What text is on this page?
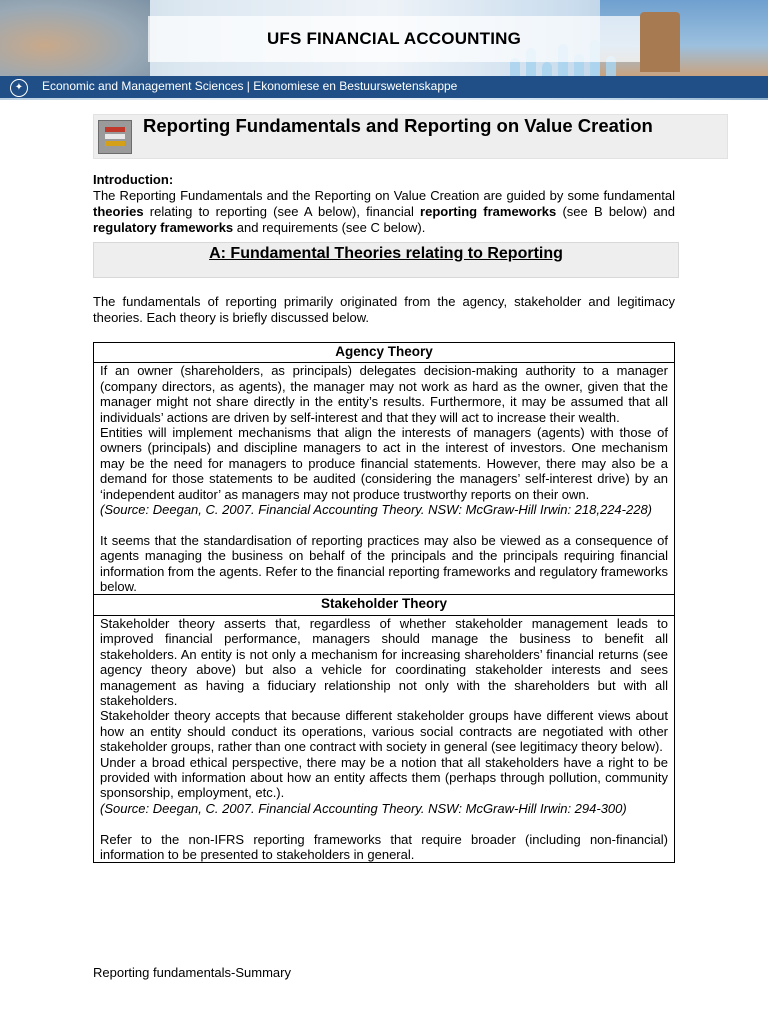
UFS FINANCIAL ACCOUNTING
✦	Economic and Management Sciences | Ekonomiese en Bestuurswetenskappe
Reporting Fundamentals and Reporting on Value Creation

Introduction:

The Reporting Fundamentals and the Reporting on Value Creation are guided by some fundamental theories relating to reporting (see A below), financial reporting frameworks (see B below) and regulatory frameworks and requirements (see C below).

A: Fundamental Theories relating to Reporting

The fundamentals of reporting primarily originated from the agency, stakeholder and legitimacy theories. Each theory is briefly discussed below.

Agency Theory

If an owner (shareholders, as principals) delegates decision-making authority to a manager (company directors, as agents), the manager may not work as hard as the owner, given that the manager might not share directly in the entity’s results. Furthermore, it may be assumed that all individuals’ actions are driven by self-interest and that they will act to increase their wealth.

Entities will implement mechanisms that align the interests of managers (agents) with those of owners (principals) and discipline managers to act in the interest of investors. One mechanism may be the need for managers to produce financial statements. However, there may also be a demand for those statements to be audited (considering the managers’ self-interest drive) by an ‘independent auditor’ as managers may not produce trustworthy reports on their own.

(Source: Deegan, C. 2007. Financial Accounting Theory. NSW: McGraw-Hill Irwin: 218,224-228)

It seems that the standardisation of reporting practices may also be viewed as a consequence of agents managing the business on behalf of the principals and the principals requiring financial information from the agents. Refer to the financial reporting frameworks and regulatory frameworks below.

Stakeholder Theory

Stakeholder theory asserts that, regardless of whether stakeholder management leads to improved financial performance, managers should manage the business to benefit all stakeholders. An entity is not only a mechanism for increasing shareholders’ financial returns (see agency theory above) but also a vehicle for coordinating stakeholder interests and sees management as having a fiduciary relationship not only with the shareholders but with all stakeholders.

Stakeholder theory accepts that because different stakeholder groups have different views about how an entity should conduct its operations, various social contracts are negotiated with other stakeholder groups, rather than one contract with society in general (see legitimacy theory below).

Under a broad ethical perspective, there may be a notion that all stakeholders have a right to be provided with information about how an entity affects them (perhaps through pollution, community sponsorship, employment, etc.).

(Source: Deegan, C. 2007. Financial Accounting Theory. NSW: McGraw-Hill Irwin: 294-300)

Refer to the non-IFRS reporting frameworks that require broader (including non-financial) information to be presented to stakeholders in general.

Reporting fundamentals-Summary
